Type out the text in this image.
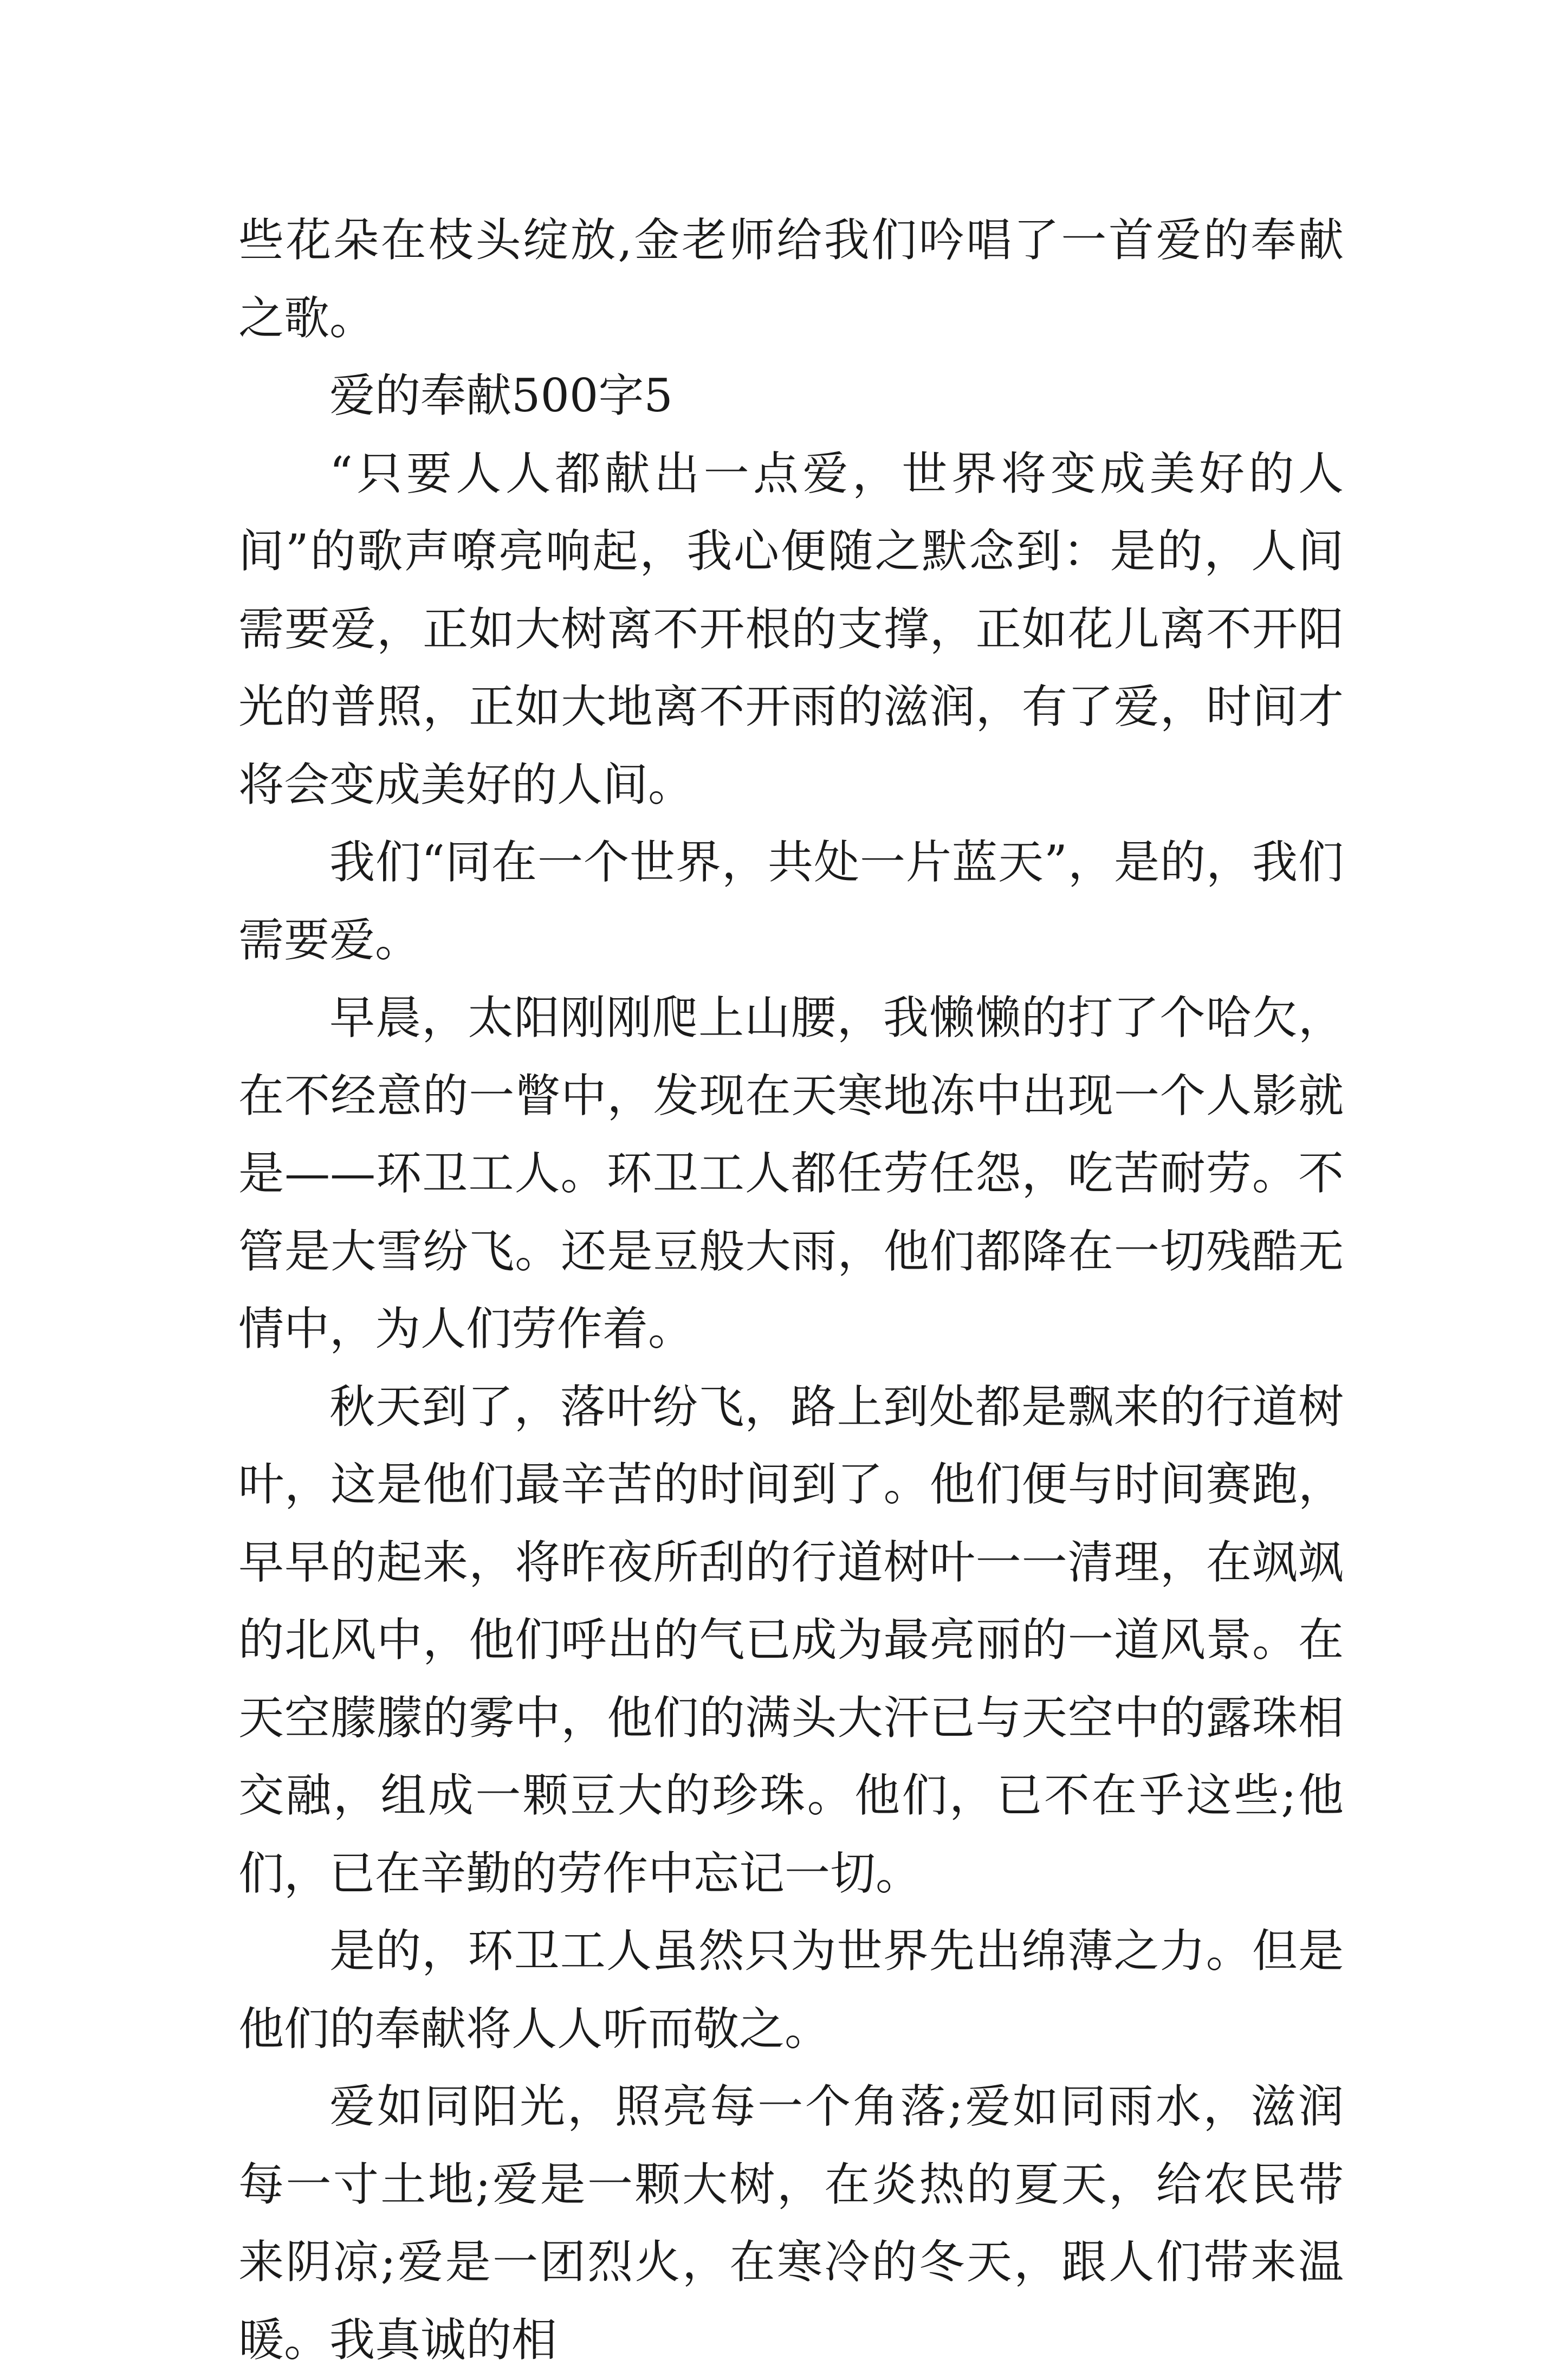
些花朵在枝头绽放,金老师给我们吟唱了一首爱的奉献之歌。

爱的奉献500字5

“只要人人都献出一点爱，世界将变成美好的人间”的歌声嘹亮响起，我心便随之默念到：是的，人间需要爱，正如大树离不开根的支撑，正如花儿离不开阳光的普照，正如大地离不开雨的滋润，有了爱，时间才将会变成美好的人间。

我们“同在一个世界，共处一片蓝天”，是的，我们需要爱。

早晨，太阳刚刚爬上山腰，我懒懒的打了个哈欠，在不经意的一瞥中，发现在天寒地冻中出现一个人影就是——环卫工人。环卫工人都任劳任怨，吃苦耐劳。不管是大雪纷飞。还是豆般大雨，他们都降在一切残酷无情中，为人们劳作着。

秋天到了，落叶纷飞，路上到处都是飘来的行道树叶，这是他们最辛苦的时间到了。他们便与时间赛跑，早早的起来，将昨夜所刮的行道树叶一一清理，在飒飒的北风中，他们呼出的气已成为最亮丽的一道风景。在天空朦朦的雾中，他们的满头大汗已与天空中的露珠相交融，组成一颗豆大的珍珠。他们，已不在乎这些;他们，已在辛勤的劳作中忘记一切。

是的，环卫工人虽然只为世界先出绵薄之力。但是他们的奉献将人人听而敬之。

爱如同阳光，照亮每一个角落;爱如同雨水，滋润每一寸土地;爱是一颗大树，在炎热的夏天，给农民带来阴凉;爱是一团烈火，在寒冷的冬天，跟人们带来温暖。我真诚的相
